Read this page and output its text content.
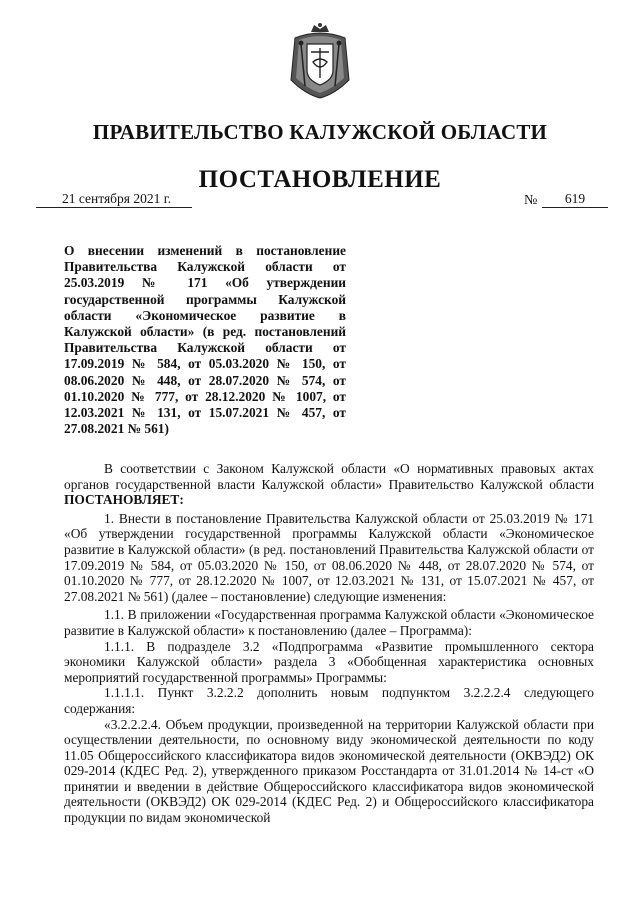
ПРАВИТЕЛЬСТВО КАЛУЖСКОЙ ОБЛАСТИ
ПОСТАНОВЛЕНИЕ
21 сентября 2021 г.	№	619
О внесении изменений в постановление Правительства Калужской области от 25.03.2019 № 171 «Об утверждении государственной программы Калужской области «Экономическое развитие в Калужской области» (в ред. постановлений Правительства Калужской области от 17.09.2019 № 584, от 05.03.2020 № 150, от 08.06.2020 № 448, от 28.07.2020 № 574, от 01.10.2020 № 777, от 28.12.2020 № 1007, от 12.03.2021 № 131, от 15.07.2021 № 457, от 27.08.2021 № 561)

В соответствии с Законом Калужской области «О нормативных правовых актах органов государственной власти Калужской области» Правительство Калужской области ПОСТАНОВЛЯЕТ:

1. Внести в постановление Правительства Калужской области от 25.03.2019 № 171 «Об утверждении государственной программы Калужской области «Экономическое развитие в Калужской области» (в ред. постановлений Правительства Калужской области от 17.09.2019 № 584, от 05.03.2020 № 150, от 08.06.2020 № 448, от 28.07.2020 № 574, от 01.10.2020 № 777, от 28.12.2020 № 1007, от 12.03.2021 № 131, от 15.07.2021 № 457, от 27.08.2021 № 561) (далее – постановление) следующие изменения:

1.1. В приложении «Государственная программа Калужской области «Экономическое развитие в Калужской области» к постановлению (далее – Программа):

1.1.1. В подразделе 3.2 «Подпрограмма «Развитие промышленного сектора экономики Калужской области» раздела 3 «Обобщенная характеристика основных мероприятий государственной программы» Программы:

1.1.1.1. Пункт 3.2.2.2 дополнить новым подпунктом 3.2.2.2.4 следующего содержания:

«3.2.2.2.4. Объем продукции, произведенной на территории Калужской области при осуществлении деятельности, по основному виду экономической деятельности по коду 11.05 Общероссийского классификатора видов экономической деятельности (ОКВЭД2) ОК 029-2014 (КДЕС Ред. 2), утвержденного приказом Росстандарта от 31.01.2014 № 14-ст «О принятии и введении в действие Общероссийского классификатора видов экономической деятельности (ОКВЭД2) ОК 029-2014 (КДЕС Ред. 2) и Общероссийского классификатора продукции по видам экономической
